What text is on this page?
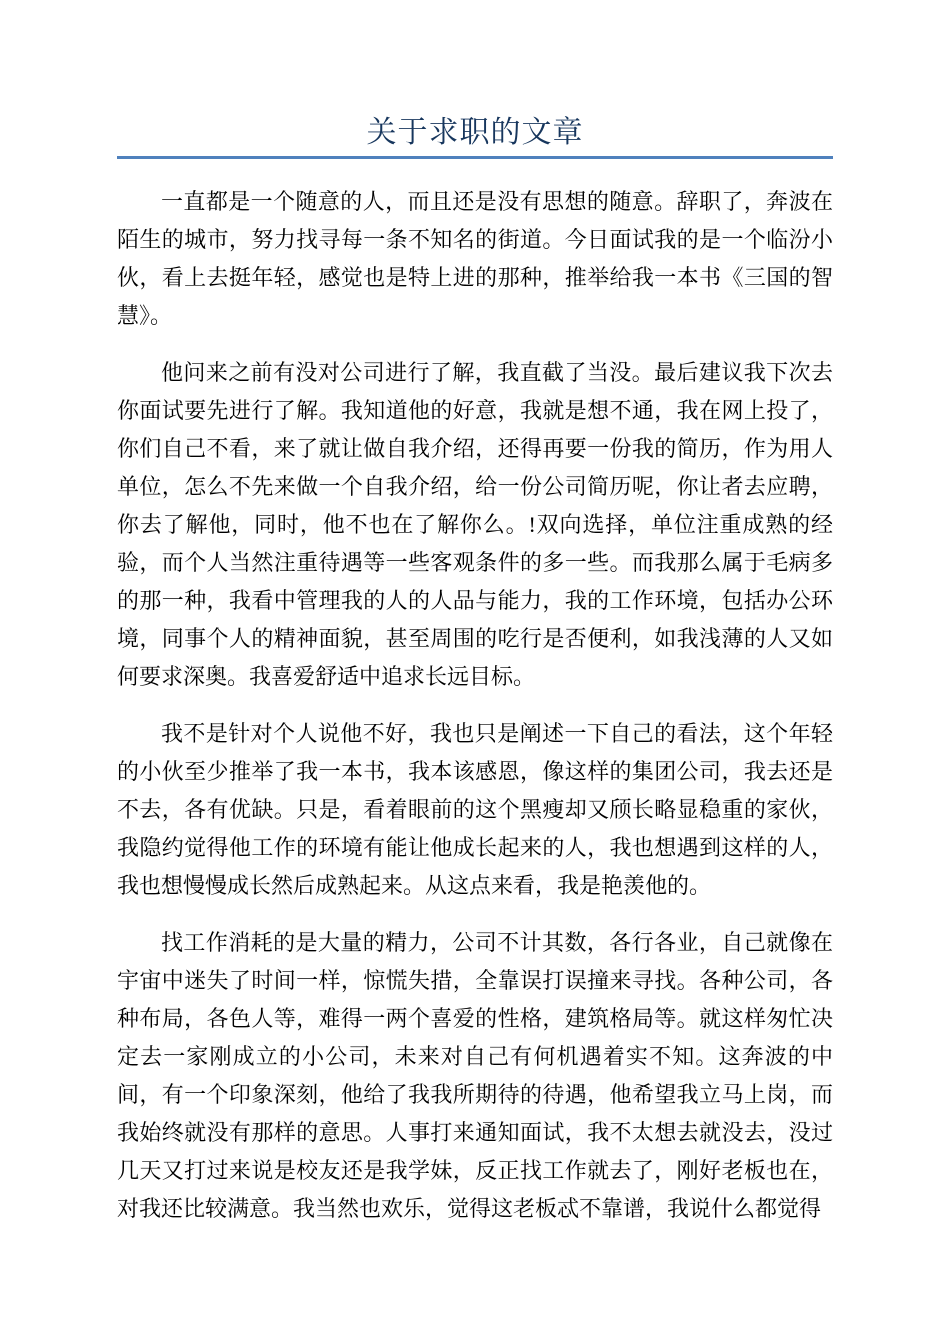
关于求职的文章

一直都是一个随意的人，而且还是没有思想的随意。辞职了，奔波在陌生的城市，努力找寻每一条不知名的街道。今日面试我的是一个临汾小伙，看上去挺年轻，感觉也是特上进的那种，推举给我一本书《三国的智慧》。

他问来之前有没对公司进行了解，我直截了当没。最后建议我下次去你面试要先进行了解。我知道他的好意，我就是想不通，我在网上投了，你们自己不看，来了就让做自我介绍，还得再要一份我的简历，作为用人单位，怎么不先来做一个自我介绍，给一份公司简历呢，你让者去应聘，你去了解他，同时，他不也在了解你么。!双向选择，单位注重成熟的经验，而个人当然注重待遇等一些客观条件的多一些。而我那么属于毛病多的那一种，我看中管理我的人的人品与能力，我的工作环境，包括办公环境，同事个人的精神面貌，甚至周围的吃行是否便利，如我浅薄的人又如何要求深奥。我喜爱舒适中追求长远目标。

我不是针对个人说他不好，我也只是阐述一下自己的看法，这个年轻的小伙至少推举了我一本书，我本该感恩，像这样的集团公司，我去还是不去，各有优缺。只是，看着眼前的这个黑瘦却又颀长略显稳重的家伙，我隐约觉得他工作的环境有能让他成长起来的人，我也想遇到这样的人，我也想慢慢成长然后成熟起来。从这点来看，我是艳羡他的。

找工作消耗的是大量的精力，公司不计其数，各行各业，自己就像在宇宙中迷失了时间一样，惊慌失措，全靠误打误撞来寻找。各种公司，各种布局，各色人等，难得一两个喜爱的性格，建筑格局等。就这样匆忙决定去一家刚成立的小公司，未来对自己有何机遇着实不知。这奔波的中间，有一个印象深刻，他给了我我所期待的待遇，他希望我立马上岗，而我始终就没有那样的意思。人事打来通知面试，我不太想去就没去，没过几天又打过来说是校友还是我学妹，反正找工作就去了，刚好老板也在，对我还比较满意。我当然也欢乐，觉得这老板忒不靠谱，我说什么都觉得
